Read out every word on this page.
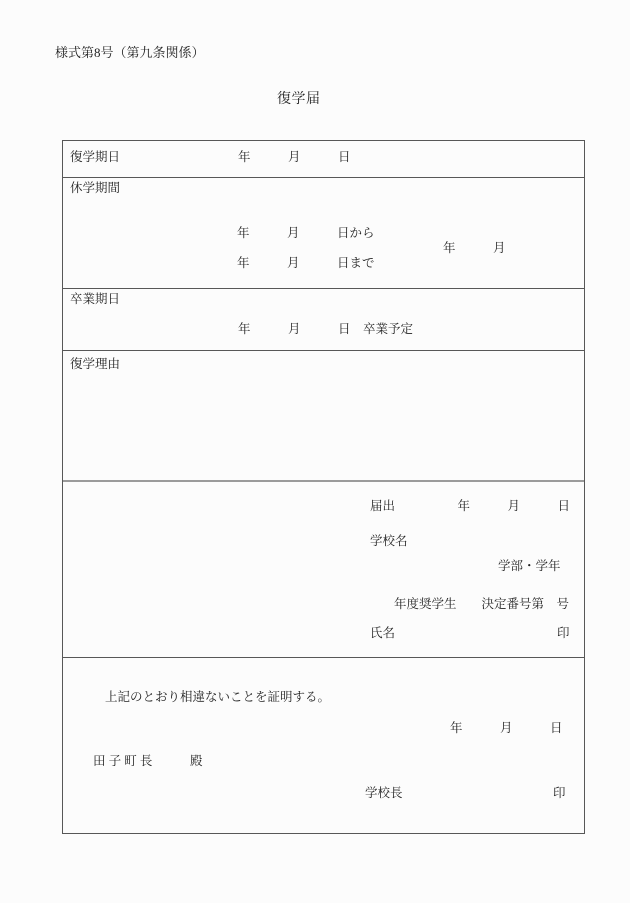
様式第8号（第九条関係）
復学届
復学期日	年　　　月　　　日
休学期間
年　　　月　　　日から
年　　　月　　　日まで
年　　　月
卒業期日
年　　　月　　　日　卒業予定
復学理由
届出　　　　　年　　　月　　　日
学校名
学部・学年
年度奨学生　　決定番号第　号
氏名	印
上記のとおり相違ないことを証明する。
年　　　月　　　日
田 子 町 長	殿
学校長	印
